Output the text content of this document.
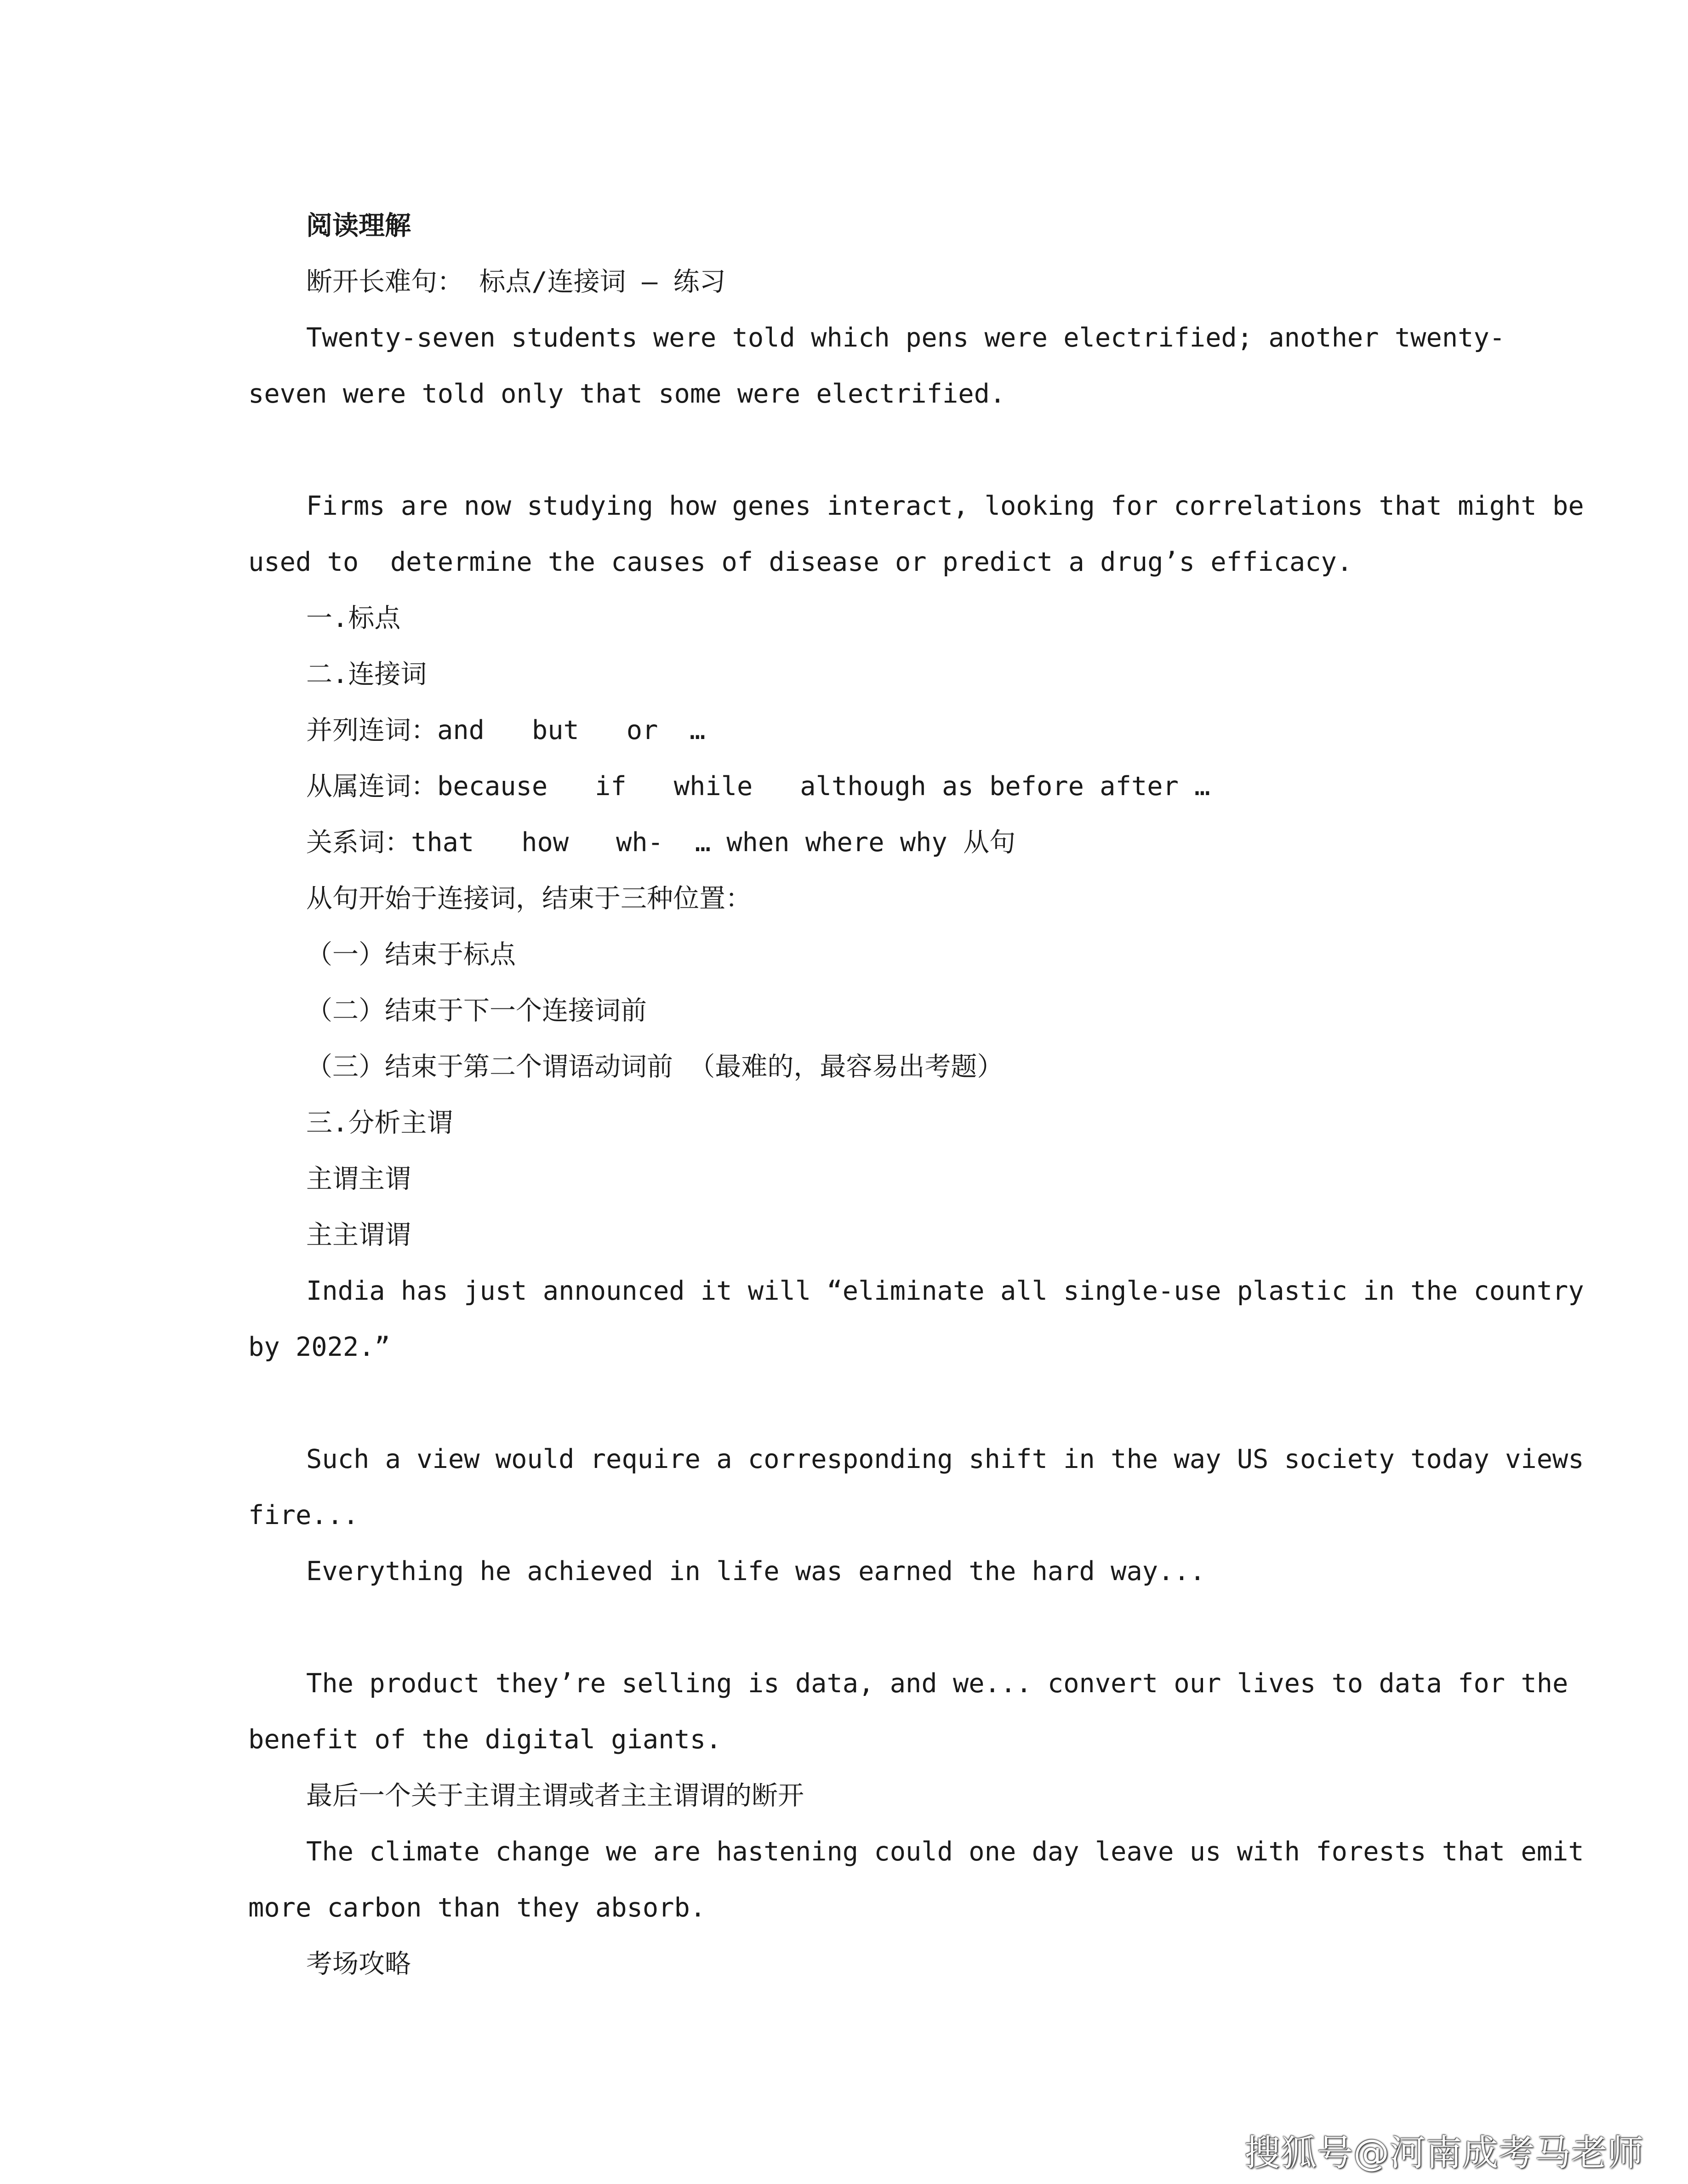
阅读理解
断开长难句： 标点/连接词 – 练习
Twenty‑seven students were told which pens were electrified; another twenty‑
seven were told only that some were electrified.
Firms are now studying how genes interact, looking for correlations that might be
used to  determine the causes of disease or predict a drug’s efficacy.
一.标点
二.连接词
并列连词：and   but   or  …
从属连词：because   if   while   although as before after …
关系词：that   how   wh‑  … when where why 从句
从句开始于连接词，结束于三种位置：
（一）结束于标点
（二）结束于下一个连接词前
（三）结束于第二个谓语动词前 （最难的，最容易出考题）
三.分析主谓
主谓主谓
主主谓谓
India has just announced it will “eliminate all single‑use plastic in the country
by 2022.”
Such a view would require a corresponding shift in the way US society today views
fire...
Everything he achieved in life was earned the hard way...
The product they’re selling is data, and we... convert our lives to data for the
benefit of the digital giants.
最后一个关于主谓主谓或者主主谓谓的断开
The climate change we are hastening could one day leave us with forests that emit
more carbon than they absorb.
考场攻略
搜狐号@河南成考马老师
